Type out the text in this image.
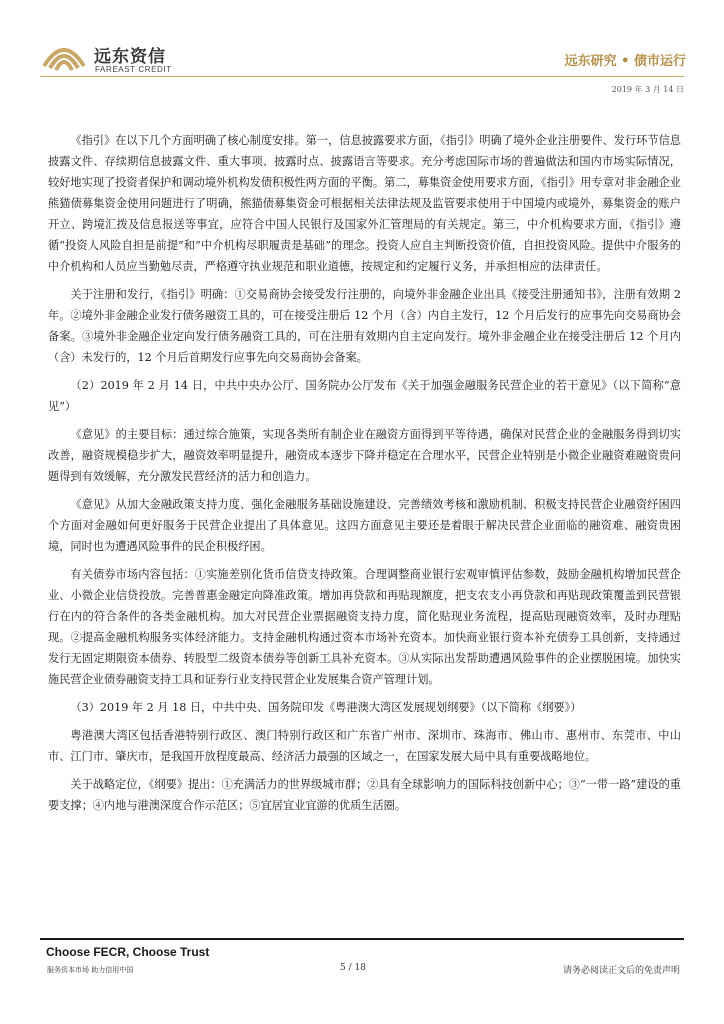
远东资信
FAREAST CREDIT
远东研究 • 债市运行
2019 年 3 月 14 日

《指引》在以下几个方面明确了核心制度安排。第一，信息披露要求方面，《指引》明确了境外企业注册要件、发行环节信息披露文件、存续期信息披露文件、重大事项、披露时点、披露语言等要求。充分考虑国际市场的普遍做法和国内市场实际情况，较好地实现了投资者保护和调动境外机构发债积极性两方面的平衡。第二，募集资金使用要求方面，《指引》用专章对非金融企业熊猫债募集资金使用问题进行了明确，熊猫债募集资金可根据相关法律法规及监管要求使用于中国境内或境外，募集资金的账户开立、跨境汇拨及信息报送等事宜，应符合中国人民银行及国家外汇管理局的有关规定。第三，中介机构要求方面，《指引》遵循“投资人风险自担是前提”和“中介机构尽职履责是基础”的理念。投资人应自主判断投资价值，自担投资风险。提供中介服务的中介机构和人员应当勤勉尽责，严格遵守执业规范和职业道德，按规定和约定履行义务，并承担相应的法律责任。

关于注册和发行，《指引》明确：①交易商协会接受发行注册的，向境外非金融企业出具《接受注册通知书》，注册有效期 2 年。②境外非金融企业发行债务融资工具的，可在接受注册后 12 个月（含）内自主发行，12 个月后发行的应事先向交易商协会备案。③境外非金融企业定向发行债务融资工具的，可在注册有效期内自主定向发行。境外非金融企业在接受注册后 12 个月内（含）未发行的，12 个月后首期发行应事先向交易商协会备案。

（2）2019 年 2 月 14 日，中共中央办公厅、国务院办公厅发布《关于加强金融服务民营企业的若干意见》（以下简称“意见”）

《意见》的主要目标：通过综合施策，实现各类所有制企业在融资方面得到平等待遇，确保对民营企业的金融服务得到切实改善，融资规模稳步扩大，融资效率明显提升，融资成本逐步下降并稳定在合理水平，民营企业特别是小微企业融资难融资贵问题得到有效缓解，充分激发民营经济的活力和创造力。

《意见》从加大金融政策支持力度、强化金融服务基础设施建设、完善绩效考核和激励机制、积极支持民营企业融资纾困四个方面对金融如何更好服务于民营企业提出了具体意见。这四方面意见主要还是着眼于解决民营企业面临的融资难、融资贵困境，同时也为遭遇风险事件的民企积极纾困。

有关债券市场内容包括：①实施差别化货币信贷支持政策。合理调整商业银行宏观审慎评估参数，鼓励金融机构增加民营企业、小微企业信贷投放。完善普惠金融定向降准政策。增加再贷款和再贴现额度，把支农支小再贷款和再贴现政策覆盖到民营银行在内的符合条件的各类金融机构。加大对民营企业票据融资支持力度，简化贴现业务流程，提高贴现融资效率，及时办理贴现。②提高金融机构服务实体经济能力。支持金融机构通过资本市场补充资本。加快商业银行资本补充债券工具创新，支持通过发行无固定期限资本债券、转股型二级资本债券等创新工具补充资本。③从实际出发帮助遭遇风险事件的企业摆脱困境。加快实施民营企业债券融资支持工具和证券行业支持民营企业发展集合资产管理计划。

（3）2019 年 2 月 18 日，中共中央、国务院印发《粤港澳大湾区发展规划纲要》（以下简称《纲要》）

粤港澳大湾区包括香港特别行政区、澳门特别行政区和广东省广州市、深圳市、珠海市、佛山市、惠州市、东莞市、中山市、江门市、肇庆市，是我国开放程度最高、经济活力最强的区域之一，在国家发展大局中具有重要战略地位。

关于战略定位，《纲要》提出：①充满活力的世界级城市群；②具有全球影响力的国际科技创新中心；③“一带一路”建设的重要支撑；④内地与港澳深度合作示范区；⑤宜居宜业宜游的优质生活圈。

Choose FECR, Choose Trust
服务资本市场 助力信用中国	5 / 18	请务必阅读正文后的免责声明
